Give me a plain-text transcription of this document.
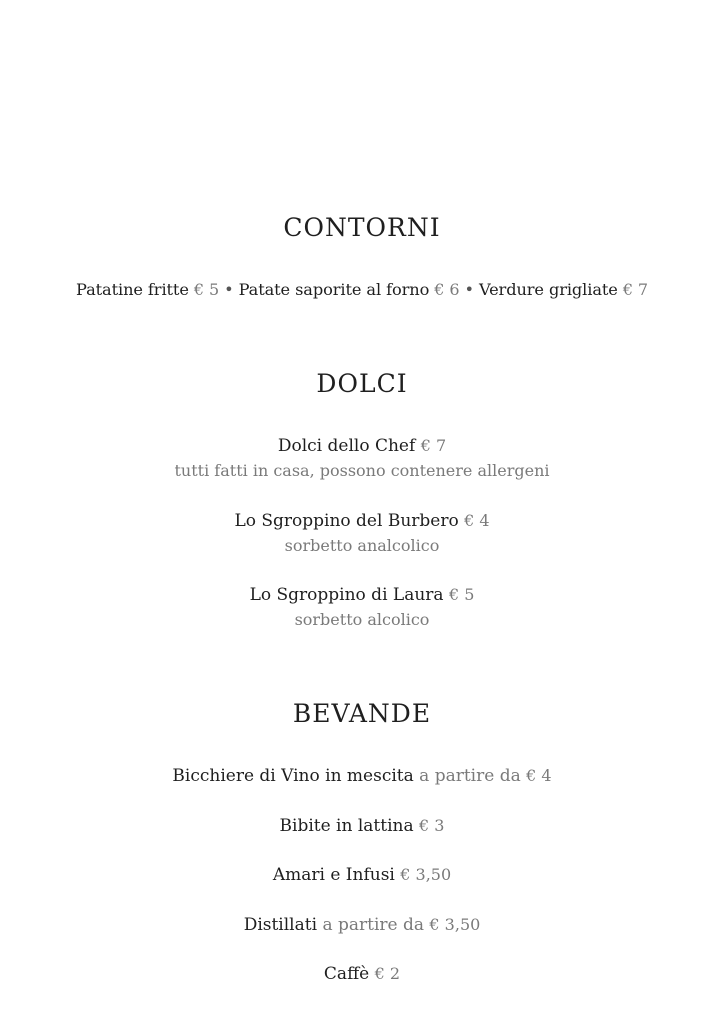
CONTORNI
Patatine fritte € 5 • Patate saporite al forno € 6 • Verdure grigliate € 7
DOLCI
Dolci dello Chef € 7
tutti fatti in casa, possono contenere allergeni
Lo Sgroppino del Burbero € 4
sorbetto analcolico
Lo Sgroppino di Laura € 5
sorbetto alcolico
BEVANDE
Bicchiere di Vino in mescita a partire da € 4
Bibite in lattina € 3
Amari e Infusi € 3,50
Distillati a partire da € 3,50
Caffè € 2
